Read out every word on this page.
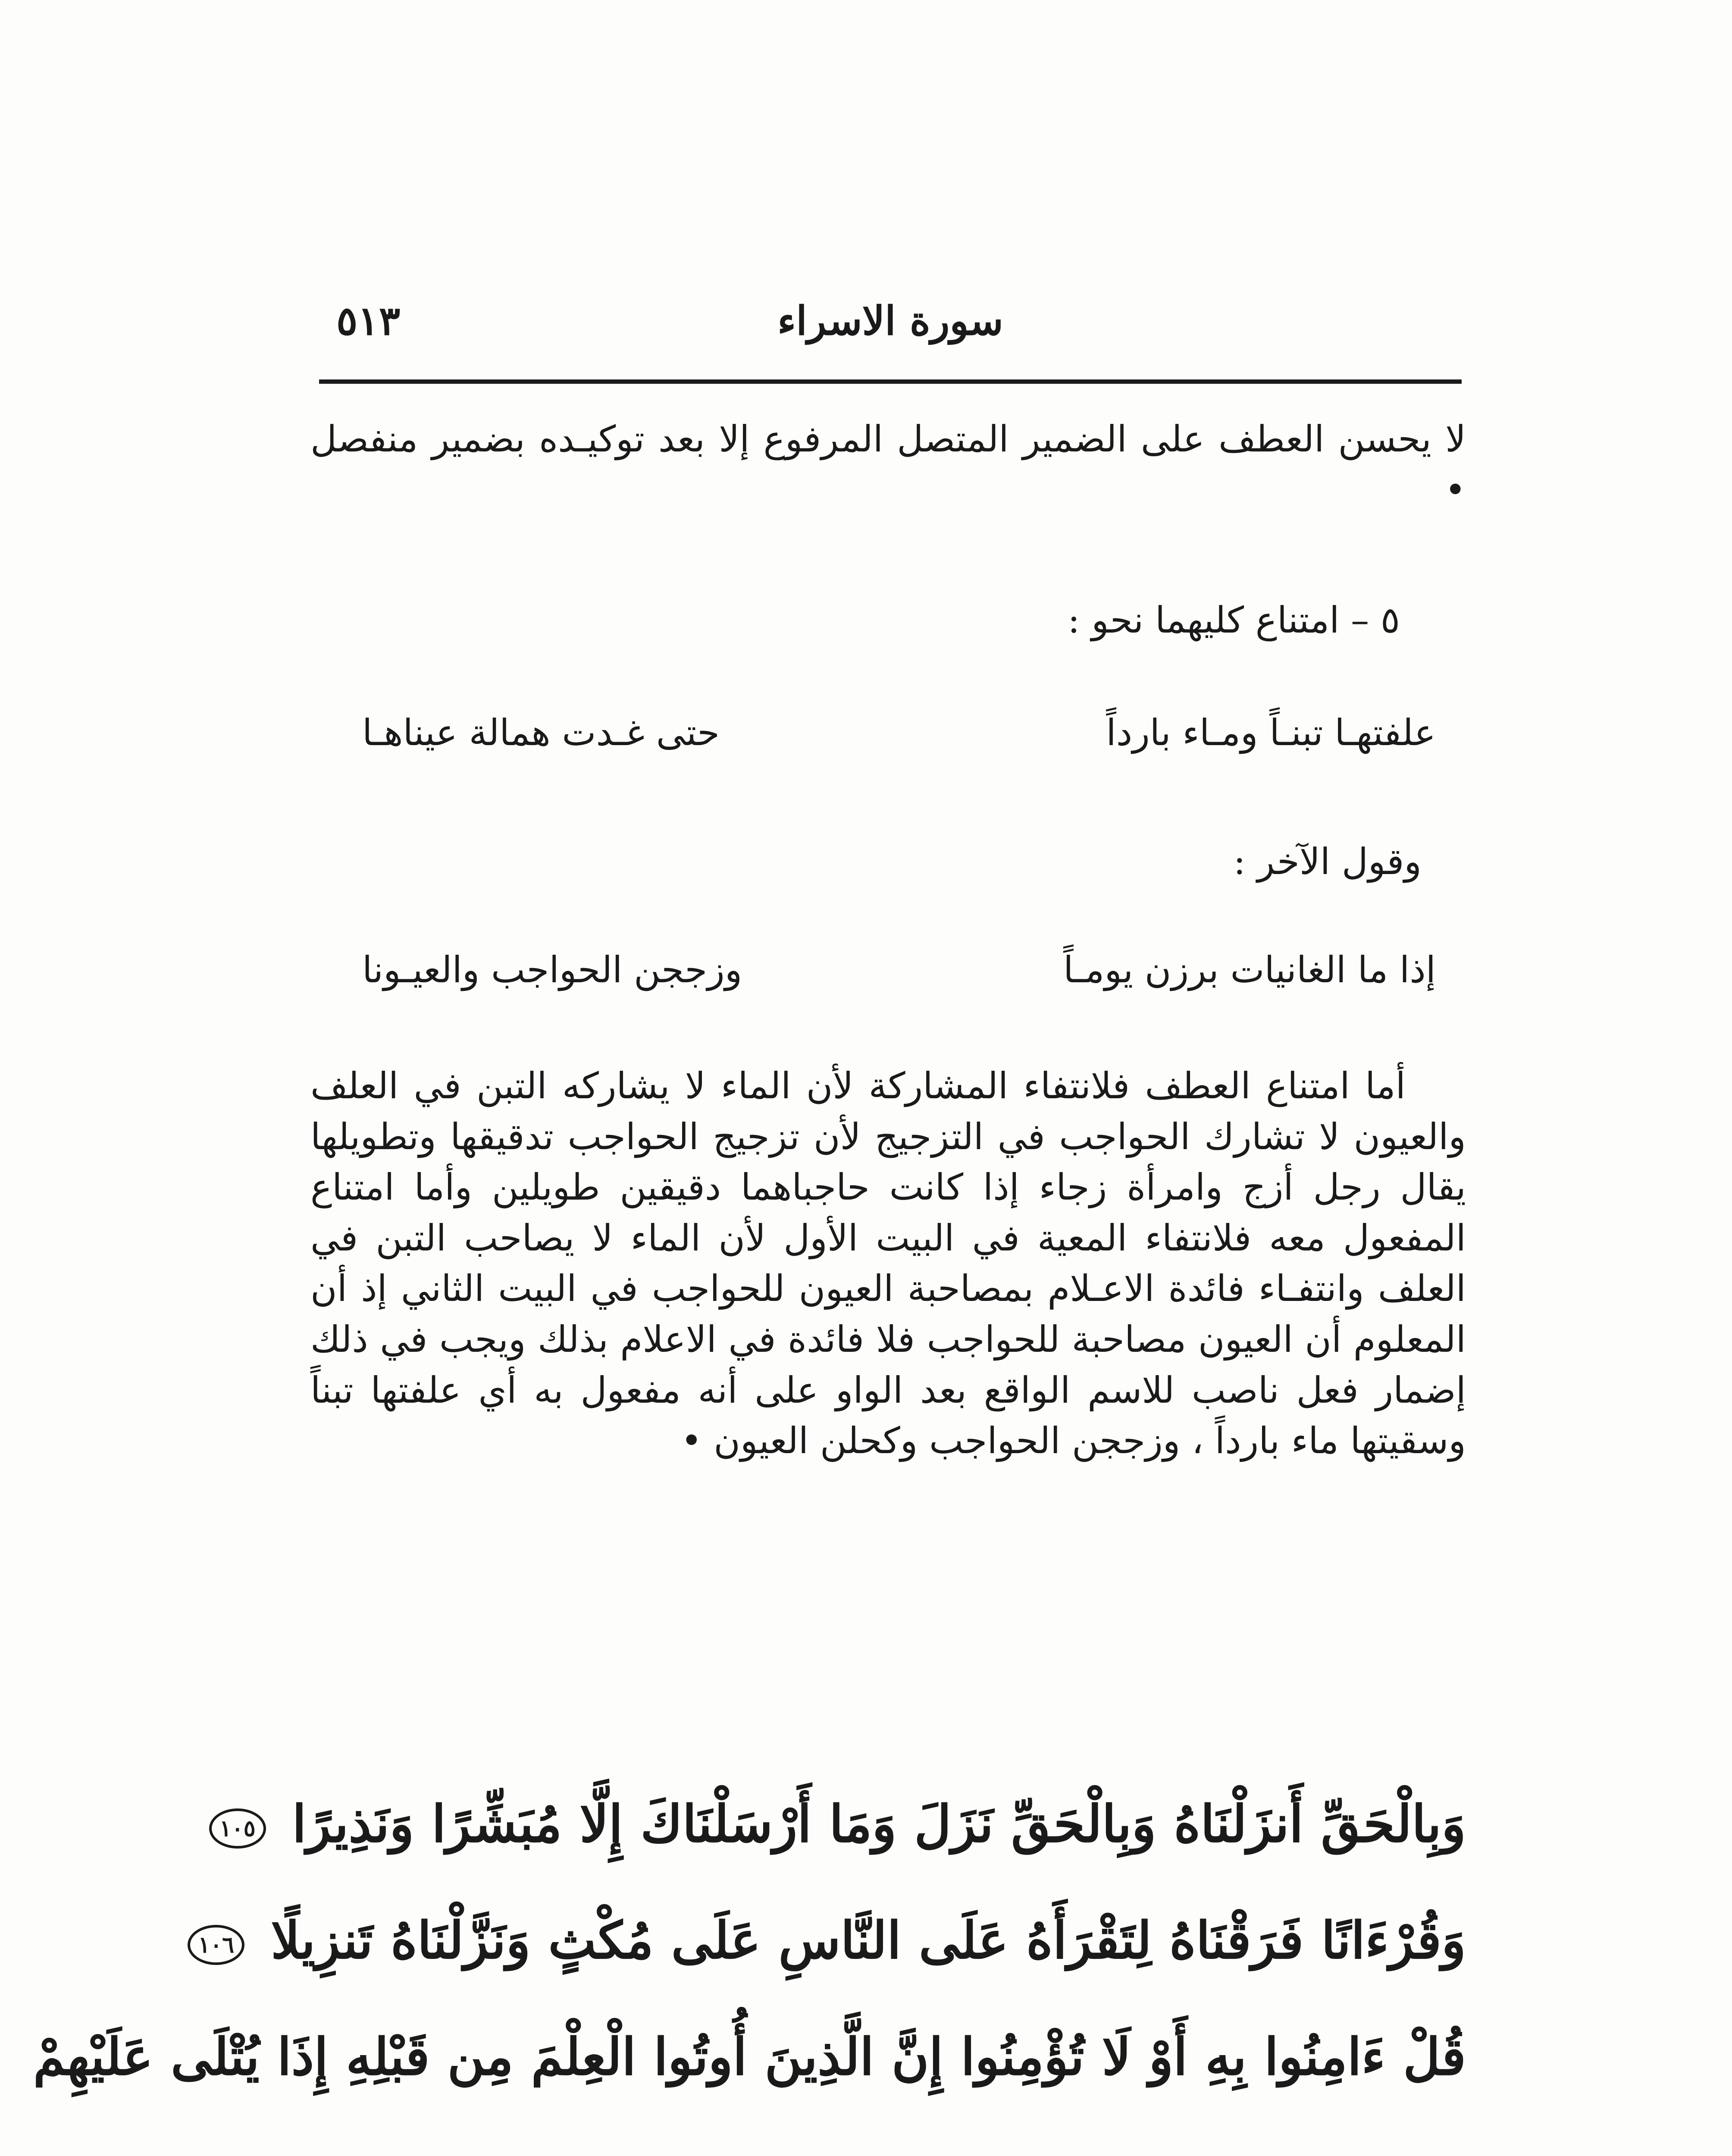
سورة الاسراء
٥١٣
لا يحسن العطف على الضمير المتصل المرفوع إلا بعد توكيـده بضمير منفصل •
٥ – امتناع كليهما نحو :
علفتهـا تبنـاً ومـاء بارداً
حتى غـدت همالة عيناهـا
وقول الآخر :
إذا ما الغانيات برزن يومـاً
وزججن الحواجب والعيـونا
أما امتناع العطف فلانتفاء المشاركة لأن الماء لا يشاركه التبن في العلف والعيون لا تشارك الحواجب في التزجيج لأن تزجيج الحواجب تدقيقها وتطويلها يقال رجل أزج وامرأة زجاء إذا كانت حاجباهما دقيقين طويلين وأما امتناع المفعول معه فلانتفاء المعية في البيت الأول لأن الماء لا يصاحب التبن في العلف وانتفـاء فائدة الاعـلام بمصاحبة العيون للحواجب في البيت الثاني إذ أن المعلوم أن العيون مصاحبة للحواجب فلا فائدة في الاعلام بذلك ويجب في ذلك إضمار فعل ناصب للاسم الواقع بعد الواو على أنه مفعول به أي علفتها تبناً وسقيتها ماء بارداً ، وزججن الحواجب وكحلن العيون •
وَبِالْحَقِّ أَنزَلْنَاهُ وَبِالْحَقِّ نَزَلَ وَمَا أَرْسَلْنَاكَ إِلَّا مُبَشِّرًا وَنَذِيرًا ١٠٥
وَقُرْءَانًا فَرَقْنَاهُ لِتَقْرَأَهُ عَلَى النَّاسِ عَلَى مُكْثٍ وَنَزَّلْنَاهُ تَنزِيلًا ١٠٦
قُلْ ءَامِنُوا بِهِ أَوْ لَا تُؤْمِنُوا إِنَّ الَّذِينَ أُوتُوا الْعِلْمَ مِن قَبْلِهِ إِذَا يُتْلَى عَلَيْهِمْ
